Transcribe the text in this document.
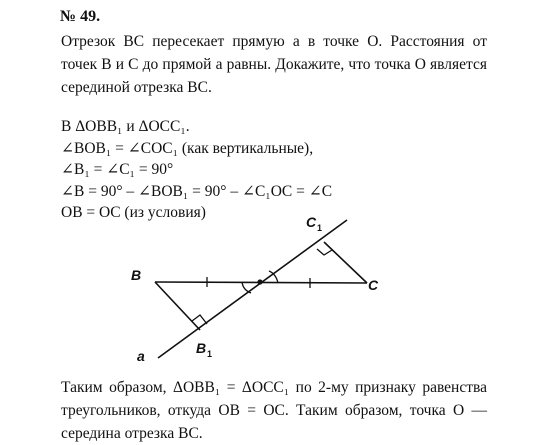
№ 49.
Отрезок BC пересекает прямую a в точке O. Расстояния от точек B и C до прямой a равны. Докажите, что точка O является серединой отрезка BC.
В ΔOBB₁ и ΔOCC₁.
∠BOB₁ = ∠COC₁ (как вертикальные),
∠B₁ = ∠C₁ = 90°
∠B = 90° – ∠BOB₁ = 90° – ∠C₁OC = ∠C
OB = OC (из условия)
B
C
B 1
C 1
a
Таким образом, ΔOBB₁ = ΔOCC₁ по 2-му признаку равенства треугольников, откуда OB = OC. Таким образом, точка O — середина отрезка BC.
